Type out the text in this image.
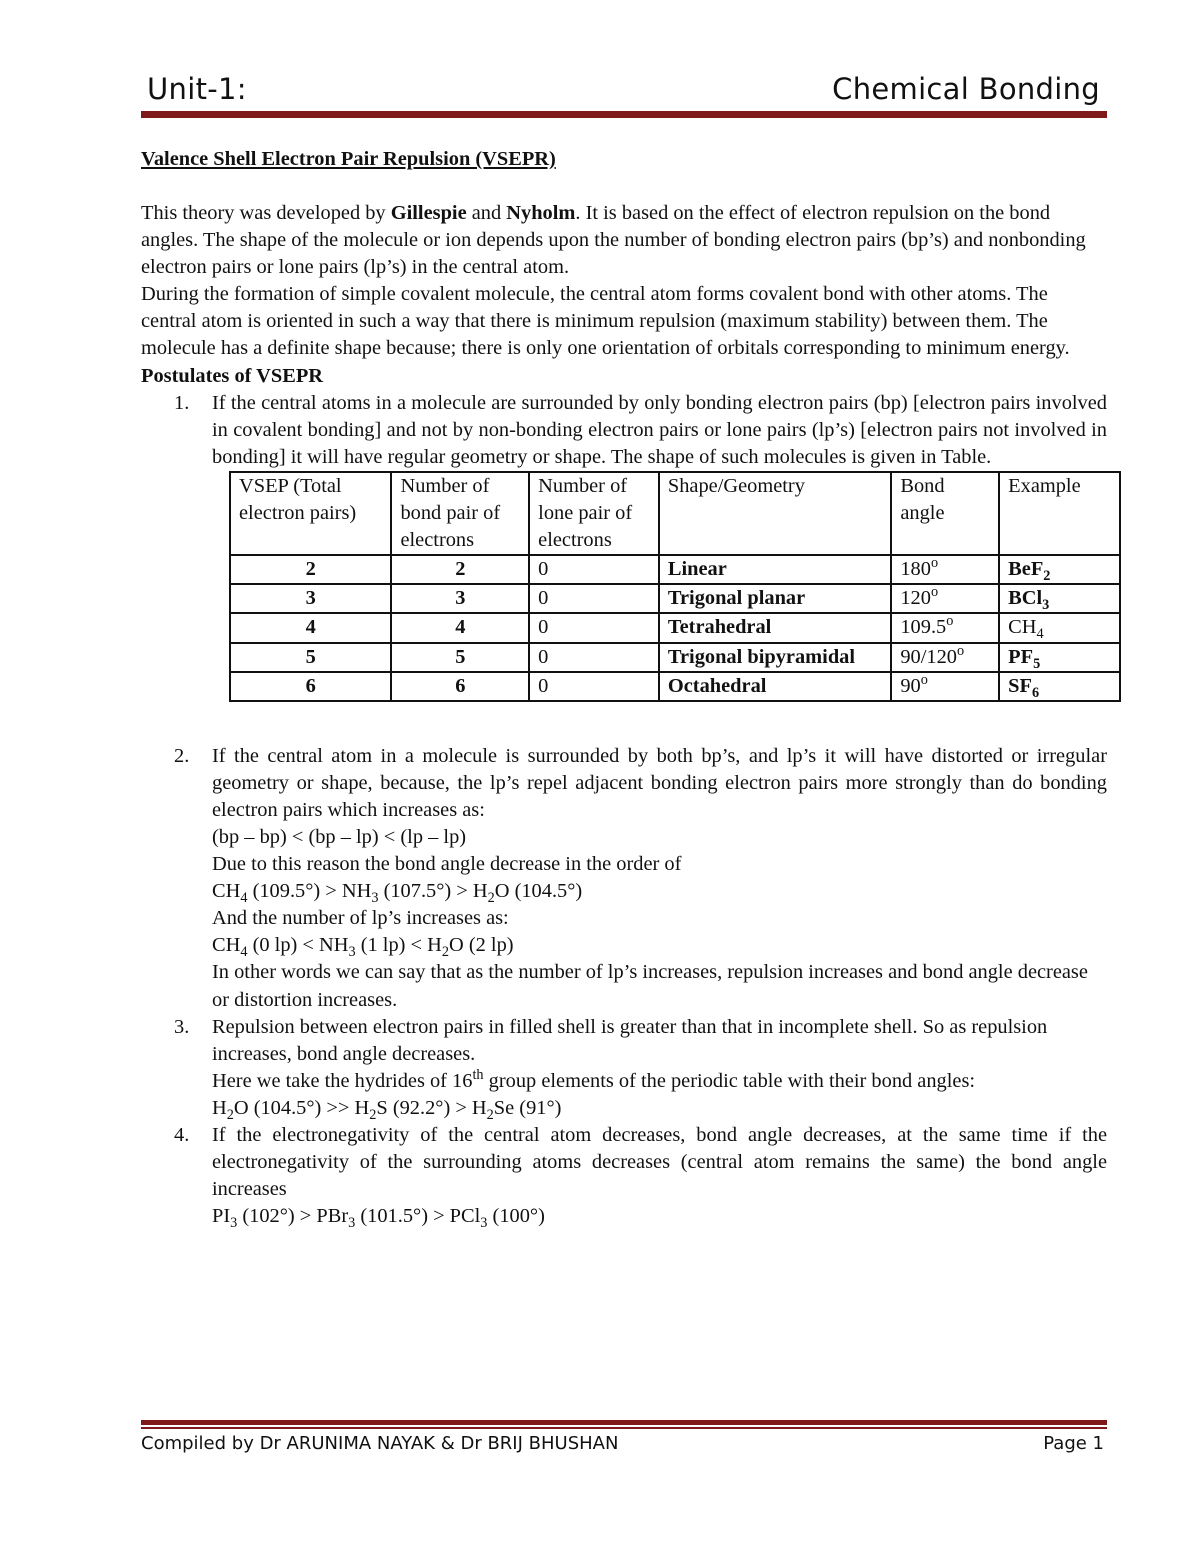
Unit-1:	Chemical Bonding

Valence Shell Electron Pair Repulsion (VSEPR)

This theory was developed by Gillespie and Nyholm. It is based on the effect of electron repulsion on the bond angles. The shape of the molecule or ion depends upon the number of bonding electron pairs (bp’s) and nonbonding electron pairs or lone pairs (lp’s) in the central atom.

During the formation of simple covalent molecule, the central atom forms covalent bond with other atoms. The central atom is oriented in such a way that there is minimum repulsion (maximum stability) between them. The molecule has a definite shape because; there is only one orientation of orbitals corresponding to minimum energy.

Postulates of VSEPR

1. If the central atoms in a molecule are surrounded by only bonding electron pairs (bp) [electron pairs involved in covalent bonding] and not by non-bonding electron pairs or lone pairs (lp’s) [electron pairs not involved in bonding] it will have regular geometry or shape. The shape of such molecules is given in Table.
VSEP (Total electron pairs)	Number of bond pair of electrons	Number of lone pair of electrons	Shape/Geometry	Bond angle	Example
2	2	0	Linear	180$^o$	BeF$_2$
3	3	0	Trigonal planar	120$^o$	BCl$_3$
4	4	0	Tetrahedral	109.5$^o$	$CH_4$
5	5	0	Trigonal bipyramidal	90/120$^o$	$PF_5$
6	6	0	Octahedral	90$^o$	$SF_6$
2. If the central atom in a molecule is surrounded by both bp’s, and lp’s it will have distorted or irregular geometry or shape, because, the lp’s repel adjacent bonding electron pairs more strongly than do bonding electron pairs which increases as:
(bp – bp) < (bp – lp) < (lp – lp)
Due to this reason the bond angle decrease in the order of
$CH_4$ $(109.5^\circ) > NH_3$ $(107.5^\circ) > H_2O$ (104.5°)
And the number of lp’s increases as:
$CH_4$ (0 $lp) < NH_3$ (1 $lp) < H_2O$ (2 lp)
In other words we can say that as the number of lp’s increases, repulsion increases and bond angle decrease or distortion increases.
3. Repulsion between electron pairs in filled shell is greater than that in incomplete shell. So as repulsion increases, bond angle decreases.
Here we take the hydrides of 16th group elements of the periodic table with their bond angles:
$H_2O$ $(104.5^\circ) >> H_2S$ $(92.2^\circ) > H_2Se$ (91°)
4. If the electronegativity of the central atom decreases, bond angle decreases, at the same time if the electronegativity of the surrounding atoms decreases (central atom remains the same) the bond angle increases
$PI_3$ (102°) > PBr$_3$ (101.5°) > PCl$_3$ (100°)
Compiled by Dr ARUNIMA NAYAK & Dr BRIJ BHUSHAN	Page 1
